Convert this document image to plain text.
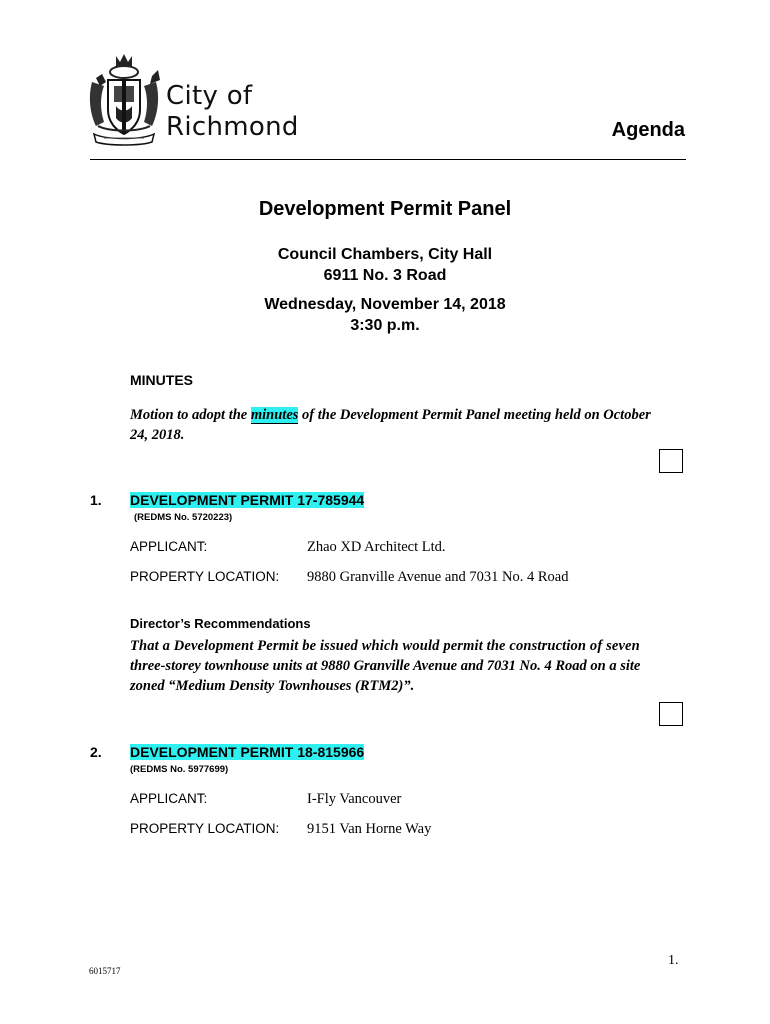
City of
Richmond	Agenda
Development Permit Panel
Council Chambers, City Hall
6911 No. 3 Road
Wednesday, November 14, 2018
3:30 p.m.
MINUTES
Motion to adopt the minutes of the Development Permit Panel meeting held on October
24, 2018.
1. DEVELOPMENT PERMIT 17-785944
(REDMS No. 5720223)
APPLICANT:	Zhao XD Architect Ltd.
PROPERTY LOCATION: 9880 Granville Avenue and 7031 No. 4 Road
Director’s Recommendations
That a Development Permit be issued which would permit the construction of seven
three-storey townhouse units at 9880 Granville Avenue and 7031 No. 4 Road on a site
zoned “Medium Density Townhouses (RTM2)”.
2. DEVELOPMENT PERMIT 18-815966
(REDMS No. 5977699)
APPLICANT:	I-Fly Vancouver
PROPERTY LOCATION: 9151 Van Horne Way
1.
6015717
